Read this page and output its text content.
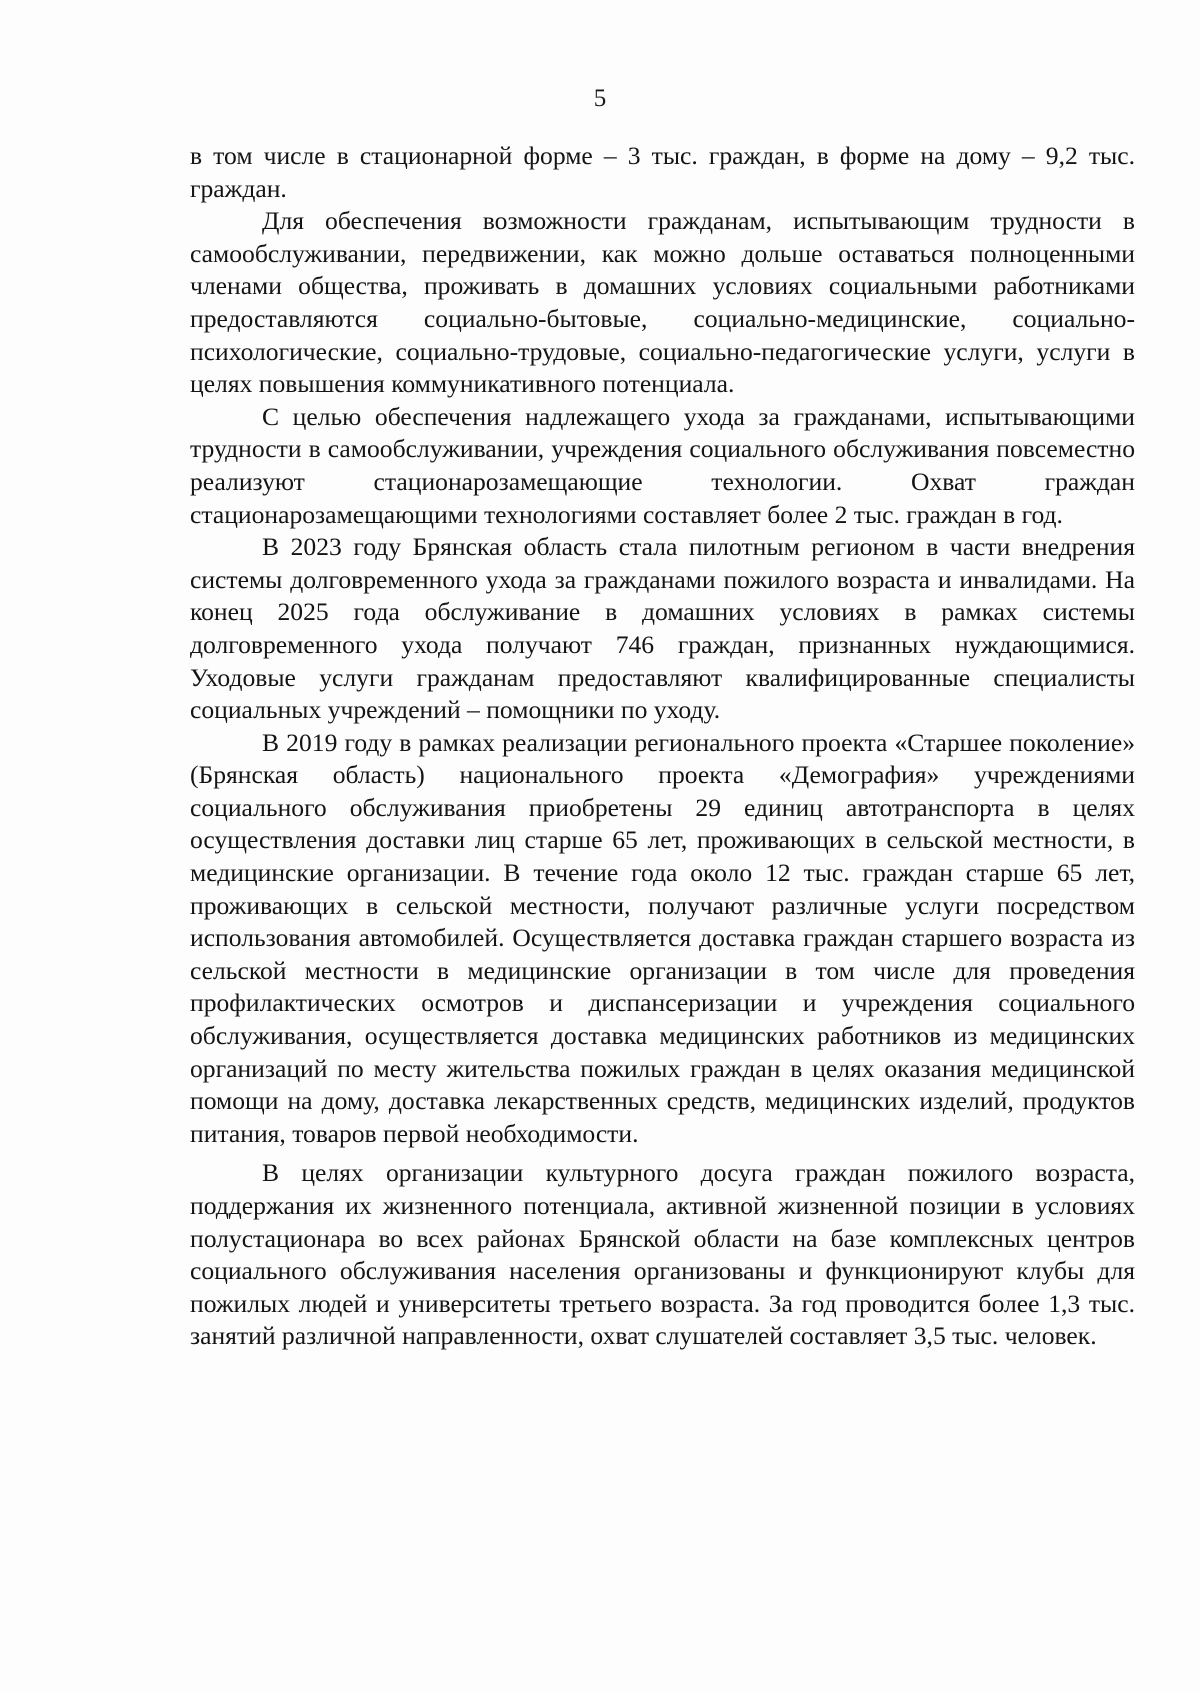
5

в том числе в стационарной форме – 3 тыс. граждан, в форме на дому – 9,2 тыс. граждан.

Для обеспечения возможности гражданам, испытывающим трудности в самообслуживании, передвижении, как можно дольше оставаться полноценными членами общества, проживать в домашних условиях социальными работниками предоставляются социально-бытовые, социально-медицинские, социально-психологические, социально-трудовые, социально-педагогические услуги, услуги в целях повышения коммуникативного потенциала.

С целью обеспечения надлежащего ухода за гражданами, испытывающими трудности в самообслуживании, учреждения социального обслуживания повсеместно реализуют стационарозамещающие технологии. Охват граждан стационарозамещающими технологиями составляет более 2 тыс. граждан в год.

В 2023 году Брянская область стала пилотным регионом в части внедрения системы долговременного ухода за гражданами пожилого возраста и инвалидами. На конец 2025 года обслуживание в домашних условиях в рамках системы долговременного ухода получают 746 граждан, признанных нуждающимися. Уходовые услуги гражданам предоставляют квалифицированные специалисты социальных учреждений – помощники по уходу.

В 2019 году в рамках реализации регионального проекта «Старшее поколение» (Брянская область) национального проекта «Демография» учреждениями социального обслуживания приобретены 29 единиц автотранспорта в целях осуществления доставки лиц старше 65 лет, проживающих в сельской местности, в медицинские организации. В течение года около 12 тыс. граждан старше 65 лет, проживающих в сельской местности, получают различные услуги посредством использования автомобилей. Осуществляется доставка граждан старшего возраста из сельской местности в медицинские организации в том числе для проведения профилактических осмотров и диспансеризации и учреждения социального обслуживания, осуществляется доставка медицинских работников из медицинских организаций по месту жительства пожилых граждан в целях оказания медицинской помощи на дому, доставка лекарственных средств, медицинских изделий, продуктов питания, товаров первой необходимости.

В целях организации культурного досуга граждан пожилого возраста, поддержания их жизненного потенциала, активной жизненной позиции в условиях полустационара во всех районах Брянской области на базе комплексных центров социального обслуживания населения организованы и функционируют клубы для пожилых людей и университеты третьего возраста. За год проводится более 1,3 тыс. занятий различной направленности, охват слушателей составляет 3,5 тыс. человек.
